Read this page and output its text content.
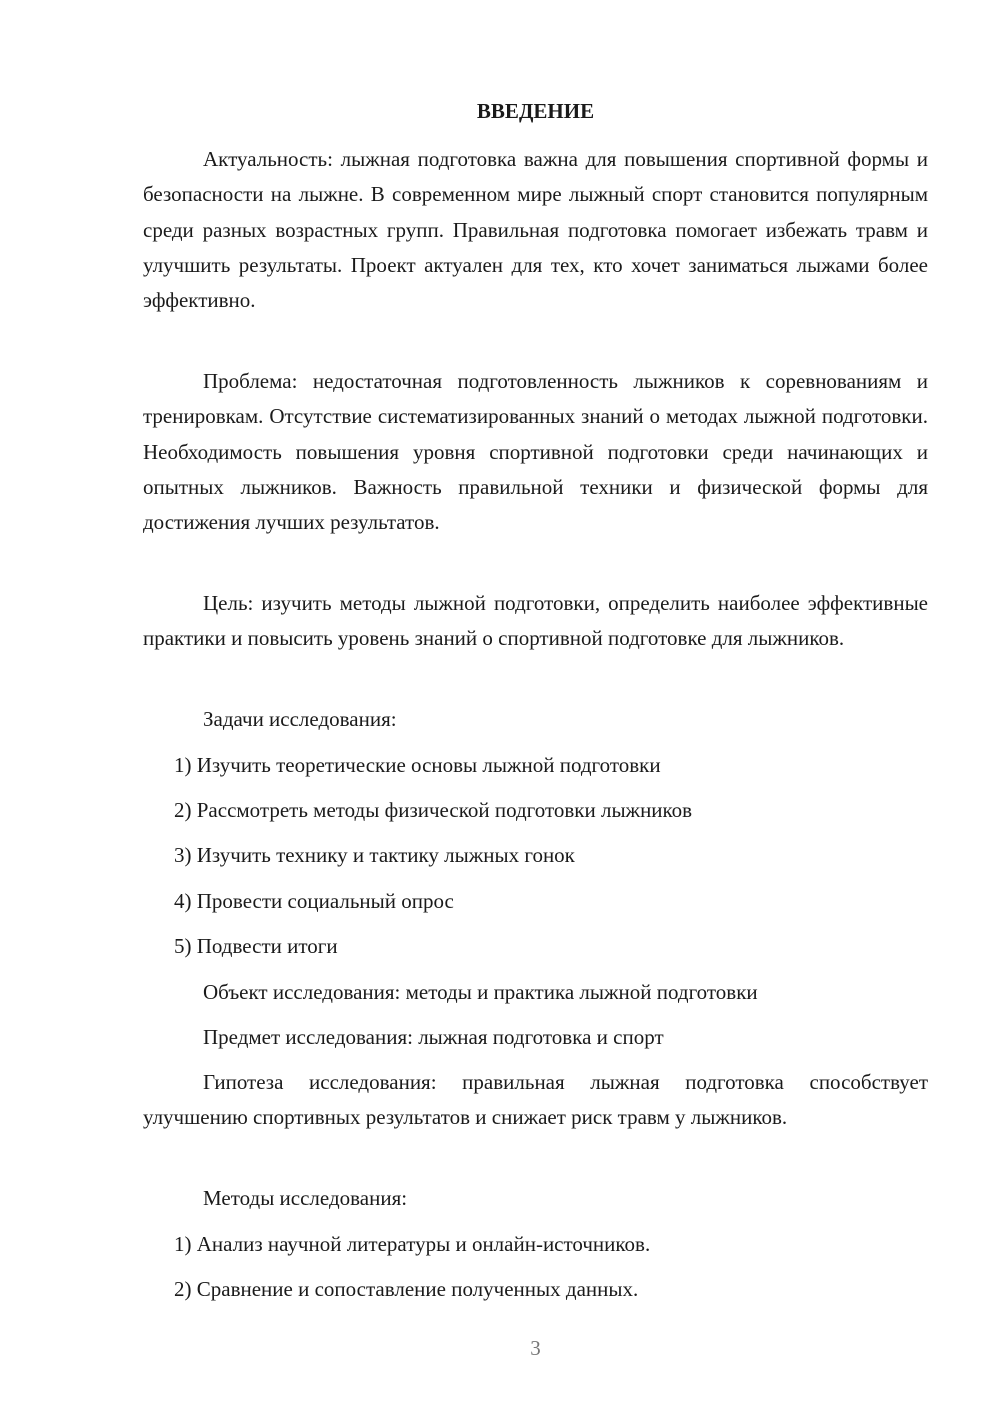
ВВЕДЕНИЕ

Актуальность: лыжная подготовка важна для повышения спортивной формы и безопасности на лыжне. В современном мире лыжный спорт становится популярным среди разных возрастных групп. Правильная подготовка помогает избежать травм и улучшить результаты. Проект актуален для тех, кто хочет заниматься лыжами более эффективно.

Проблема: недостаточная подготовленность лыжников к соревнованиям и тренировкам. Отсутствие систематизированных знаний о методах лыжной подготовки. Необходимость повышения уровня спортивной подготовки среди начинающих и опытных лыжников. Важность правильной техники и физической формы для достижения лучших результатов.

Цель: изучить методы лыжной подготовки, определить наиболее эффективные практики и повысить уровень знаний о спортивной подготовке для лыжников.

Задачи исследования:
1) Изучить теоретические основы лыжной подготовки
2) Рассмотреть методы физической подготовки лыжников
3) Изучить технику и тактику лыжных гонок
4) Провести социальный опрос
5) Подвести итоги
Объект исследования: методы и практика лыжной подготовки
Предмет исследования: лыжная подготовка и спорт

Гипотеза исследования: правильная лыжная подготовка способствует улучшению спортивных результатов и снижает риск травм у лыжников.

Методы исследования:
1) Анализ научной литературы и онлайн-источников.
2) Сравнение и сопоставление полученных данных.
3
